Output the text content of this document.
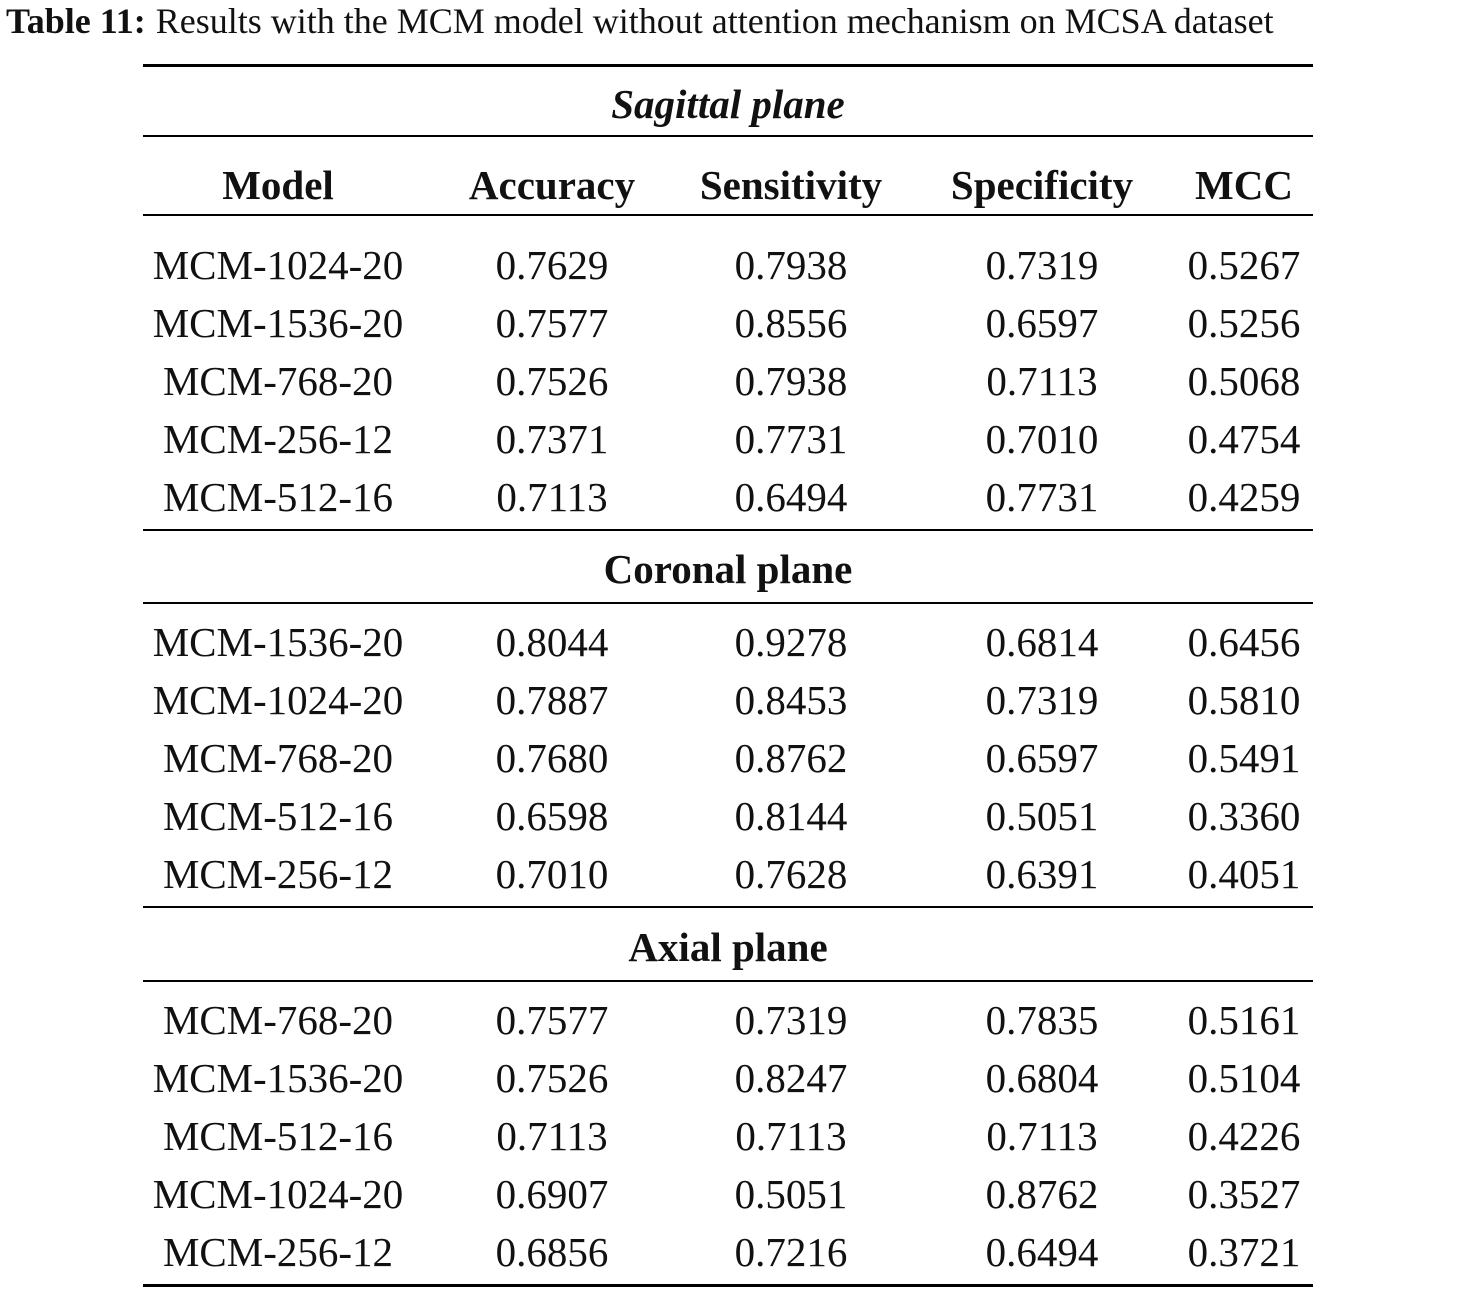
Table 11: Results with the MCM model without attention mechanism on MCSA dataset
Sagittal plane
Model	Accuracy	Sensitivity	Specificity	MCC
MCM-1024-20	0.7629	0.7938	0.7319	0.5267
MCM-1536-20	0.7577	0.8556	0.6597	0.5256
MCM-768-20	0.7526	0.7938	0.7113	0.5068
MCM-256-12	0.7371	0.7731	0.7010	0.4754
MCM-512-16	0.7113	0.6494	0.7731	0.4259
Coronal plane
MCM-1536-20	0.8044	0.9278	0.6814	0.6456
MCM-1024-20	0.7887	0.8453	0.7319	0.5810
MCM-768-20	0.7680	0.8762	0.6597	0.5491
MCM-512-16	0.6598	0.8144	0.5051	0.3360
MCM-256-12	0.7010	0.7628	0.6391	0.4051
Axial plane
MCM-768-20	0.7577	0.7319	0.7835	0.5161
MCM-1536-20	0.7526	0.8247	0.6804	0.5104
MCM-512-16	0.7113	0.7113	0.7113	0.4226
MCM-1024-20	0.6907	0.5051	0.8762	0.3527
MCM-256-12	0.6856	0.7216	0.6494	0.3721
